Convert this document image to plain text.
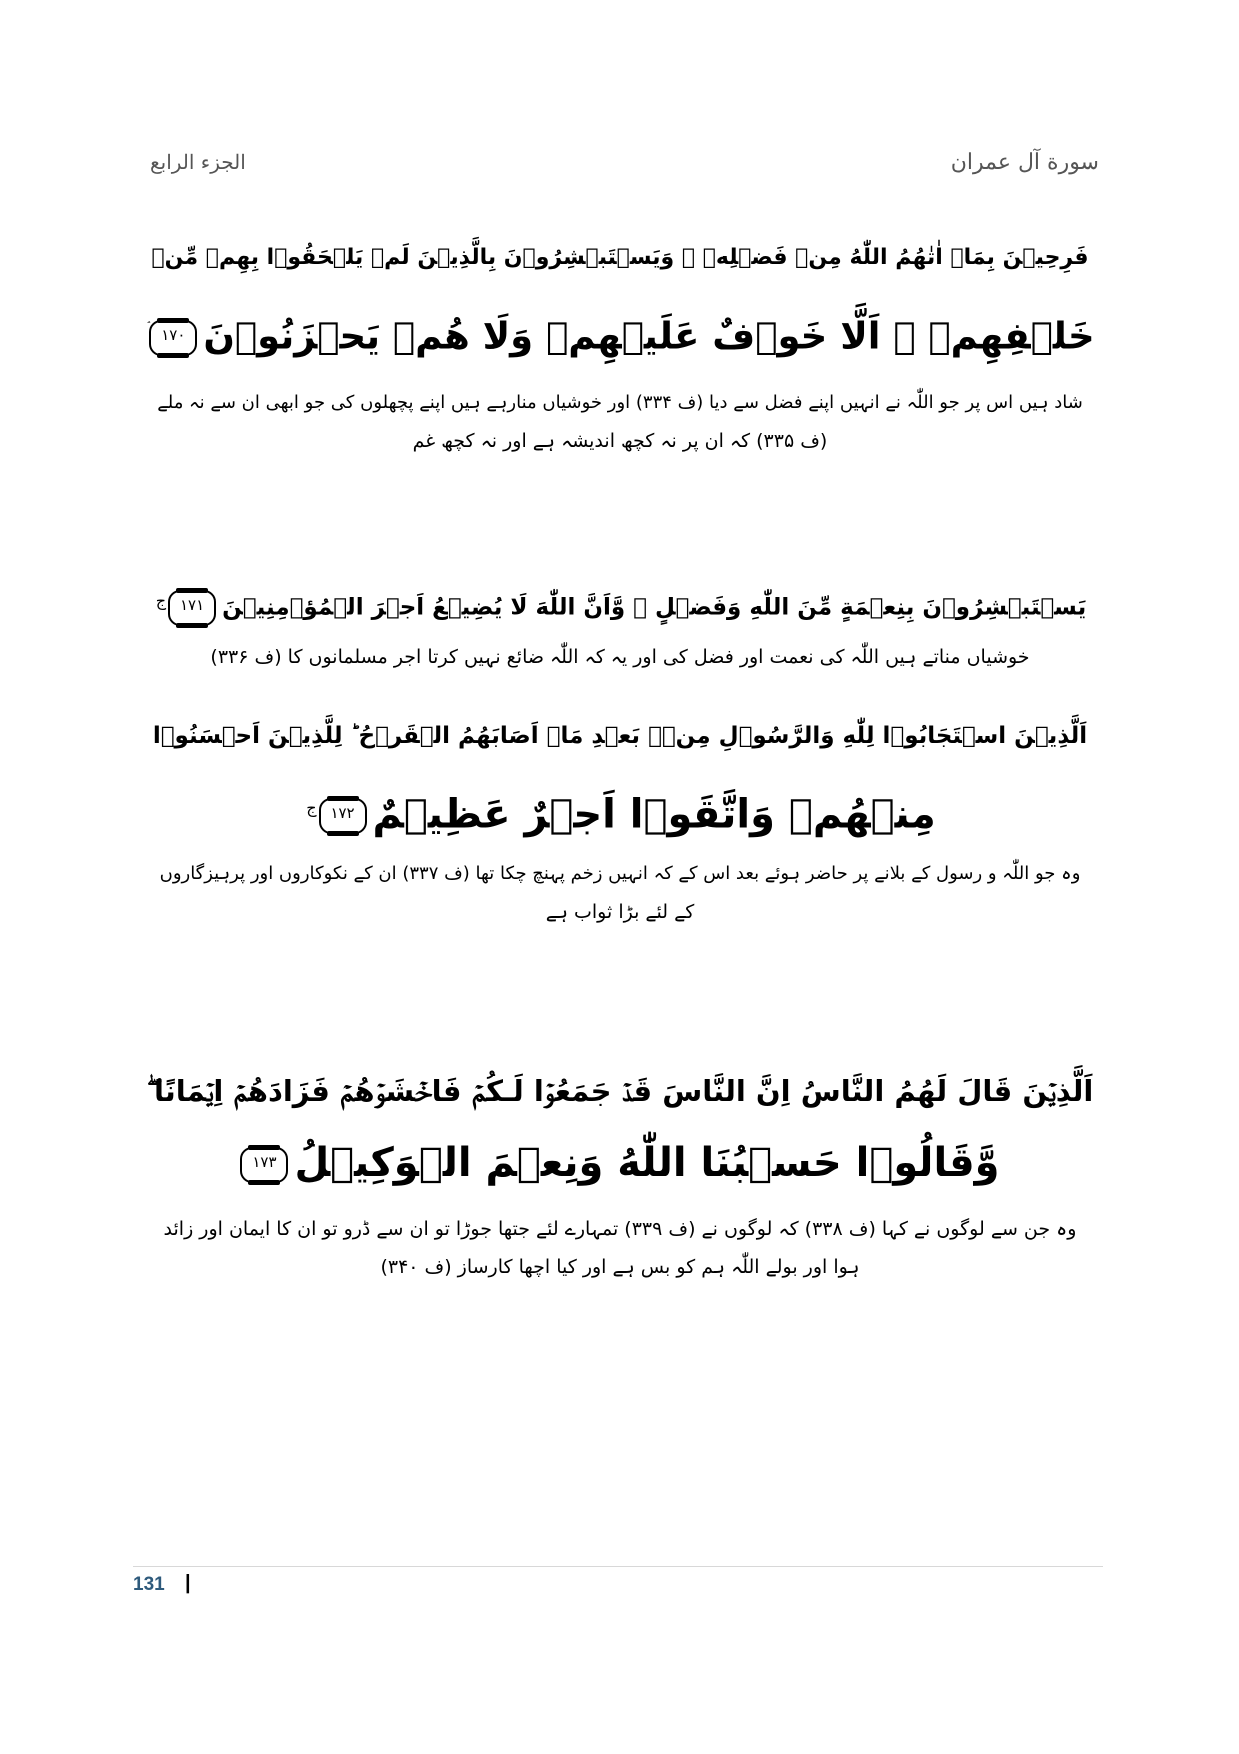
الجزء الرابع	سورة آل عمران
فَرِحِيۡنَ بِمَاۤ اٰتٰهُمُ اللّٰهُ مِنۡ فَضۡلِهٖ ۙ وَيَسۡتَبۡشِرُوۡنَ بِالَّذِيۡنَ لَمۡ يَلۡحَقُوۡا بِهِمۡ مِّنۡ
خَلۡفِهِمۡ ۙ اَلَّا خَوۡفٌ عَلَيۡهِمۡ وَلَا هُمۡ يَحۡزَنُوۡنَ١٧٠
شاد ہیں اس پر جو اللّٰہ نے انہیں اپنے فضل سے دیا (ف ۳۳۴) اور خوشیاں منارہے ہیں اپنے پچھلوں کی جو ابھی ان سے نہ ملے
(ف ۳۳۵) کہ ان پر نہ کچھ اندیشہ ہے اور نہ کچھ غم
يَسۡتَبۡشِرُوۡنَ بِنِعۡمَةٍ مِّنَ اللّٰهِ وَفَضۡلٍ ۙ وَّاَنَّ اللّٰهَ لَا يُضِيۡعُ اَجۡرَ $الۡمُؤۡمِنِيۡنَ١٧١^ج$
خوشیاں مناتے ہیں اللّٰہ کی نعمت اور فضل کی اور یہ کہ اللّٰہ ضائع نہیں کرتا اجر مسلمانوں کا (ف ۳۳۶)
اَلَّذِيۡنَ اسۡتَجَابُوۡا لِلّٰهِ وَالرَّسُوۡلِ مِنۡۢ بَعۡدِ مَاۤ اَصَابَهُمُ الۡقَرۡحُ ؕ لِلَّذِيۡنَ اَحۡسَنُوۡا
مِنۡهُمۡ وَاتَّقَوۡا اَجۡرٌ $عَظِيۡمٌ١٧٢^ج$
وہ جو اللّٰہ و رسول کے بلانے پر حاضر ہوئے بعد اس کے کہ انہیں زخم پہنچ چکا تھا (ف ۳۳۷) ان کے نکوکاروں اور پرہیزگاروں
کے لئے بڑا ثواب ہے
اَلَّذِيۡنَ قَالَ لَهُمُ النَّاسُ اِنَّ النَّاسَ قَدۡ جَمَعُوۡا لَـكُمۡ فَاخۡشَوۡهُمۡ فَزَادَهُمۡ اِيۡمَانًا ۖ
وَّقَالُوۡا حَسۡبُنَا اللّٰهُ وَنِعۡمَ الۡوَكِيۡلُ١٧٣
وہ جن سے لوگوں نے کہا (ف ۳۳۸) کہ لوگوں نے (ف ۳۳۹) تمہارے لئے جتھا جوڑا تو ان سے ڈرو تو ان کا ایمان اور زائد
ہوا اور بولے اللّٰہ ہم کو بس ہے اور کیا اچھا کارساز (ف ۳۴۰)
131 |
